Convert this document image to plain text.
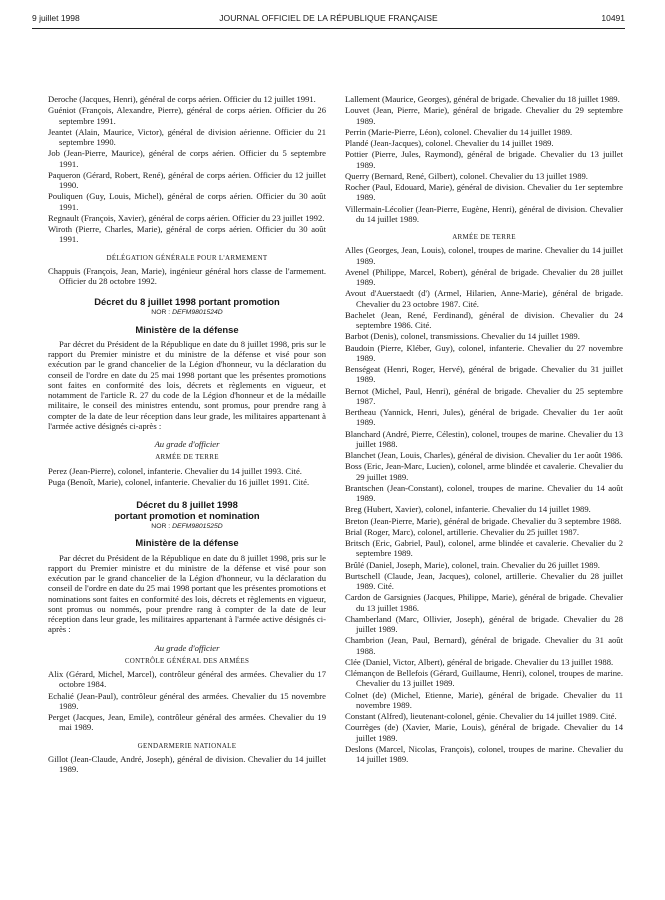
9 juillet 1998	JOURNAL OFFICIEL DE LA RÉPUBLIQUE FRANÇAISE	10491
Deroche (Jacques, Henri), général de corps aérien. Officier du 12 juillet 1991.
Guéniot (François, Alexandre, Pierre), général de corps aérien. Officier du 26 septembre 1991.
Jeantet (Alain, Maurice, Victor), général de division aérienne. Officier du 21 septembre 1990.
Job (Jean-Pierre, Maurice), général de corps aérien. Officier du 5 septembre 1991.
Paqueron (Gérard, Robert, René), général de corps aérien. Officier du 12 juillet 1990.
Pouliquen (Guy, Louis, Michel), général de corps aérien. Officier du 30 août 1991.
Regnault (François, Xavier), général de corps aérien. Officier du 23 juillet 1992.
Wiroth (Pierre, Charles, Marie), général de corps aérien. Officier du 30 août 1991.
DÉLÉGATION GÉNÉRALE POUR L'ARMEMENT
Chappuis (François, Jean, Marie), ingénieur général hors classe de l'armement. Officier du 28 octobre 1992.
Décret du 8 juillet 1998 portant promotion
NOR : DEFM9801524D
Ministère de la défense
Par décret du Président de la République en date du 8 juillet 1998, pris sur le rapport du Premier ministre et du ministre de la défense et visé pour son exécution par le grand chancelier de la Légion d'honneur, vu la déclaration du conseil de l'ordre en date du 25 mai 1998 portant que les présentes promotions sont faites en conformité des lois, décrets et règlements en vigueur, et notamment de l'article R. 27 du code de la Légion d'honneur et de la médaille militaire, le conseil des ministres entendu, sont promus, pour prendre rang à compter de la date de leur réception dans leur grade, les militaires appartenant à l'armée active désignés ci-après :
Au grade d'officier
ARMÉE DE TERRE
Perez (Jean-Pierre), colonel, infanterie. Chevalier du 14 juillet 1993. Cité.
Puga (Benoît, Marie), colonel, infanterie. Chevalier du 16 juillet 1991. Cité.
Décret du 8 juillet 1998
portant promotion et nomination
NOR : DEFM9801525D
Ministère de la défense
Par décret du Président de la République en date du 8 juillet 1998, pris sur le rapport du Premier ministre et du ministre de la défense et visé pour son exécution par le grand chancelier de la Légion d'honneur, vu la déclaration du conseil de l'ordre en date du 25 mai 1998 portant que les présentes promotions et nominations sont faites en conformité des lois, décrets et règlements en vigueur, sont promus ou nommés, pour prendre rang à compter de la date de leur réception dans leur grade, les militaires appartenant à l'armée active désignés ci-après :
Au grade d'officier
CONTRÔLE GÉNÉRAL DES ARMÉES
Alix (Gérard, Michel, Marcel), contrôleur général des armées. Chevalier du 17 octobre 1984.
Echalié (Jean-Paul), contrôleur général des armées. Chevalier du 15 novembre 1989.
Perget (Jacques, Jean, Emile), contrôleur général des armées. Chevalier du 19 mai 1989.
GENDARMERIE NATIONALE
Gillot (Jean-Claude, André, Joseph), général de division. Chevalier du 14 juillet 1989.
Lallement (Maurice, Georges), général de brigade. Chevalier du 18 juillet 1989.
Louvet (Jean, Pierre, Marie), général de brigade. Chevalier du 29 septembre 1989.
Perrin (Marie-Pierre, Léon), colonel. Chevalier du 14 juillet 1989.
Plandé (Jean-Jacques), colonel. Chevalier du 14 juillet 1989.
Pottier (Pierre, Jules, Raymond), général de brigade. Chevalier du 13 juillet 1989.
Querry (Bernard, René, Gilbert), colonel. Chevalier du 13 juillet 1989.
Rocher (Paul, Edouard, Marie), général de division. Chevalier du 1er septembre 1989.
Villermain-Lécolier (Jean-Pierre, Eugène, Henri), général de division. Chevalier du 14 juillet 1989.
ARMÉE DE TERRE
Alles (Georges, Jean, Louis), colonel, troupes de marine. Chevalier du 14 juillet 1989.
Avenel (Philippe, Marcel, Robert), général de brigade. Chevalier du 28 juillet 1989.
Avout d'Auerstaedt (d') (Armel, Hilarien, Anne-Marie), général de brigade. Chevalier du 23 octobre 1987. Cité.
Bachelet (Jean, René, Ferdinand), général de division. Chevalier du 24 septembre 1986. Cité.
Barbot (Denis), colonel, transmissions. Chevalier du 14 juillet 1989.
Baudoin (Pierre, Kléber, Guy), colonel, infanterie. Chevalier du 27 novembre 1989.
Benségeat (Henri, Roger, Hervé), général de brigade. Chevalier du 31 juillet 1989.
Bernot (Michel, Paul, Henri), général de brigade. Chevalier du 25 septembre 1987.
Bertheau (Yannick, Henri, Jules), général de brigade. Chevalier du 1er août 1989.
Blanchard (André, Pierre, Célestin), colonel, troupes de marine. Chevalier du 13 juillet 1988.
Blanchet (Jean, Louis, Charles), général de division. Chevalier du 1er août 1986.
Boss (Eric, Jean-Marc, Lucien), colonel, arme blindée et cavalerie. Chevalier du 29 juillet 1989.
Brantschen (Jean-Constant), colonel, troupes de marine. Chevalier du 14 août 1989.
Breg (Hubert, Xavier), colonel, infanterie. Chevalier du 14 juillet 1989.
Breton (Jean-Pierre, Marie), général de brigade. Chevalier du 3 septembre 1988.
Brial (Roger, Marc), colonel, artillerie. Chevalier du 25 juillet 1987.
Britsch (Eric, Gabriel, Paul), colonel, arme blindée et cavalerie. Chevalier du 2 septembre 1989.
Brûlé (Daniel, Joseph, Marie), colonel, train. Chevalier du 26 juillet 1989.
Burtschell (Claude, Jean, Jacques), colonel, artillerie. Chevalier du 28 juillet 1989. Cité.
Cardon de Garsignies (Jacques, Philippe, Marie), général de brigade. Chevalier du 13 juillet 1986.
Chamberland (Marc, Ollivier, Joseph), général de brigade. Chevalier du 28 juillet 1989.
Chambrion (Jean, Paul, Bernard), général de brigade. Chevalier du 31 août 1988.
Clée (Daniel, Victor, Albert), général de brigade. Chevalier du 13 juillet 1988.
Clémançon de Bellefois (Gérard, Guillaume, Henri), colonel, troupes de marine. Chevalier du 13 juillet 1989.
Colnet (de) (Michel, Etienne, Marie), général de brigade. Chevalier du 11 novembre 1989.
Constant (Alfred), lieutenant-colonel, génie. Chevalier du 14 juillet 1989. Cité.
Courrèges (de) (Xavier, Marie, Louis), général de brigade. Chevalier du 14 juillet 1989.
Deslons (Marcel, Nicolas, François), colonel, troupes de marine. Chevalier du 14 juillet 1989.
